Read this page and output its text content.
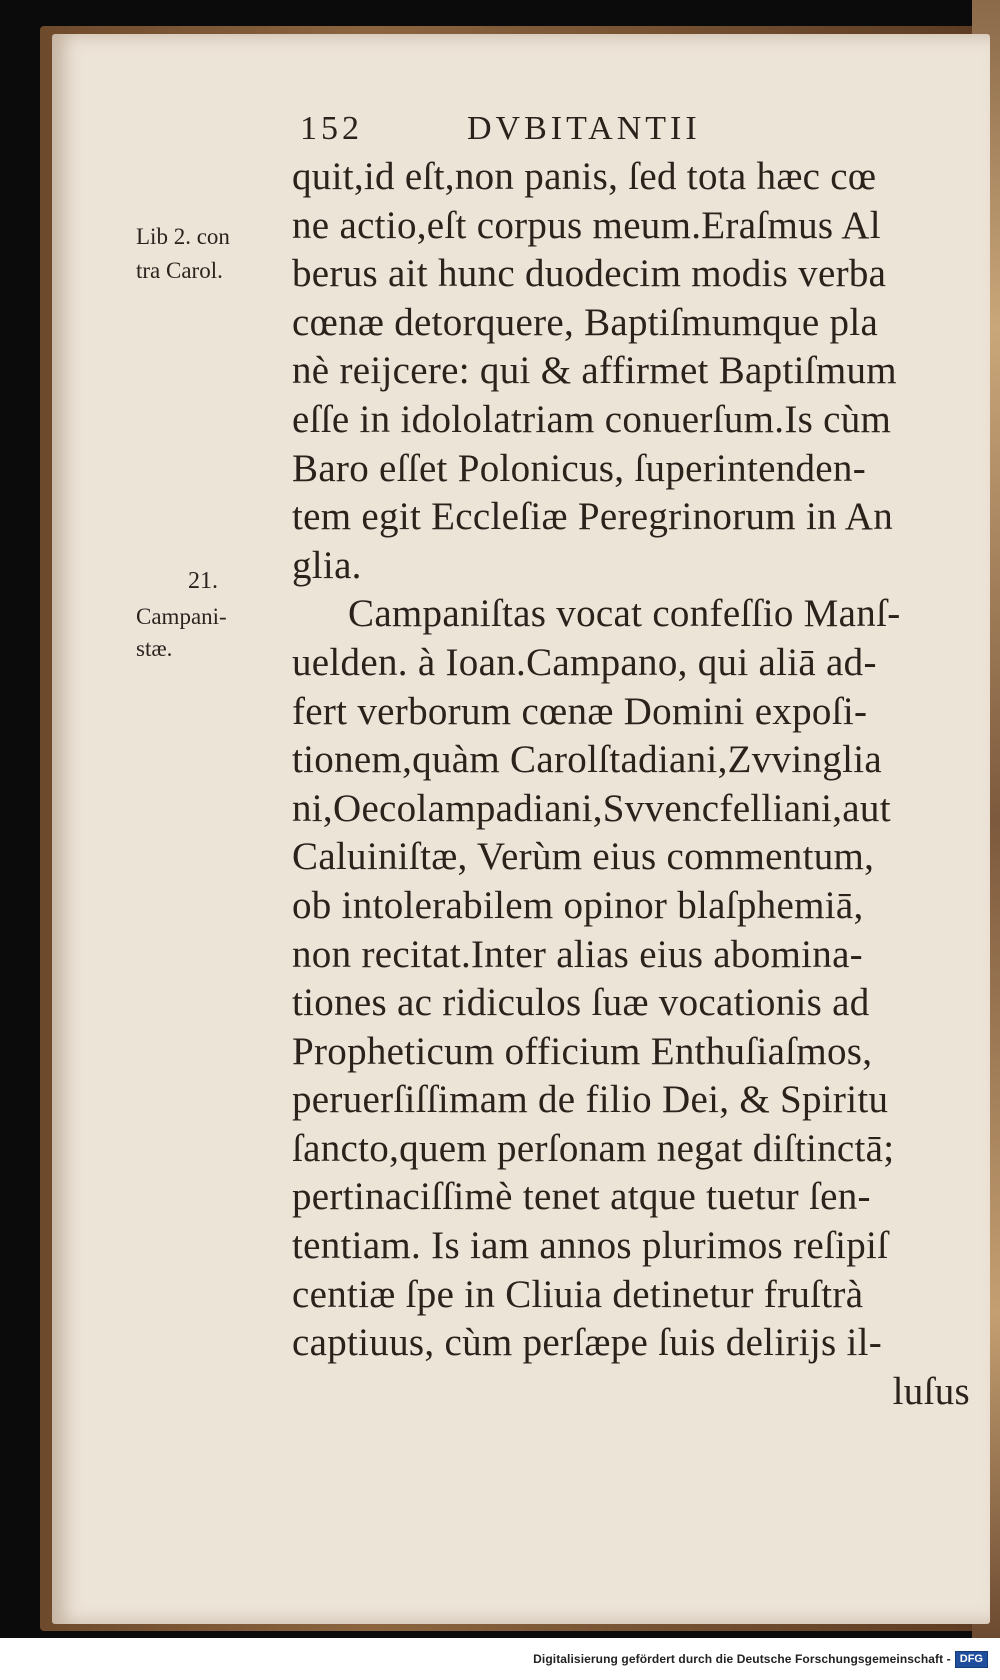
152	DVBITANTII
Lib 2. con
tra Carol.
21.
Campani-
stæ.
quit,id eſt,non panis, ſed tota hæc cœ
ne actio,eſt corpus meum.Eraſmus Al
berus ait hunc duodecim modis verba
cœnæ detorquere, Baptiſmumque pla
nè reijcere: qui & affirmet Baptiſmum
eſſe in idololatriam conuerſum.Is cùm
Baro eſſet Polonicus, ſuperintenden-
tem egit Eccleſiæ Peregrinorum in An
glia.
Campaniſtas vocat confeſſio Manſ-
uelden. à Ioan.Campano, qui aliā ad-
fert verborum cœnæ Domini expoſi-
tionem,quàm Carolſtadiani,Zvvinglia
ni,Oecolampadiani,Svvencfelliani,aut
Caluiniſtæ, Verùm eius commentum,
ob intolerabilem opinor blaſphemiā,
non recitat.Inter alias eius abomina-
tiones ac ridiculos ſuæ vocationis ad
Propheticum officium Enthuſiaſmos,
peruerſiſſimam de filio Dei, & Spiritu
ſancto,quem perſonam negat diſtinctā;
pertinaciſſimè tenet atque tuetur ſen-
tentiam. Is iam annos plurimos reſipiſ
centiæ ſpe in Cliuia detinetur fruſtrà
captiuus, cùm perſæpe ſuis delirijs il-
luſus
Digitalisierung gefördert durch die Deutsche Forschungsgemeinschaft - DFG
